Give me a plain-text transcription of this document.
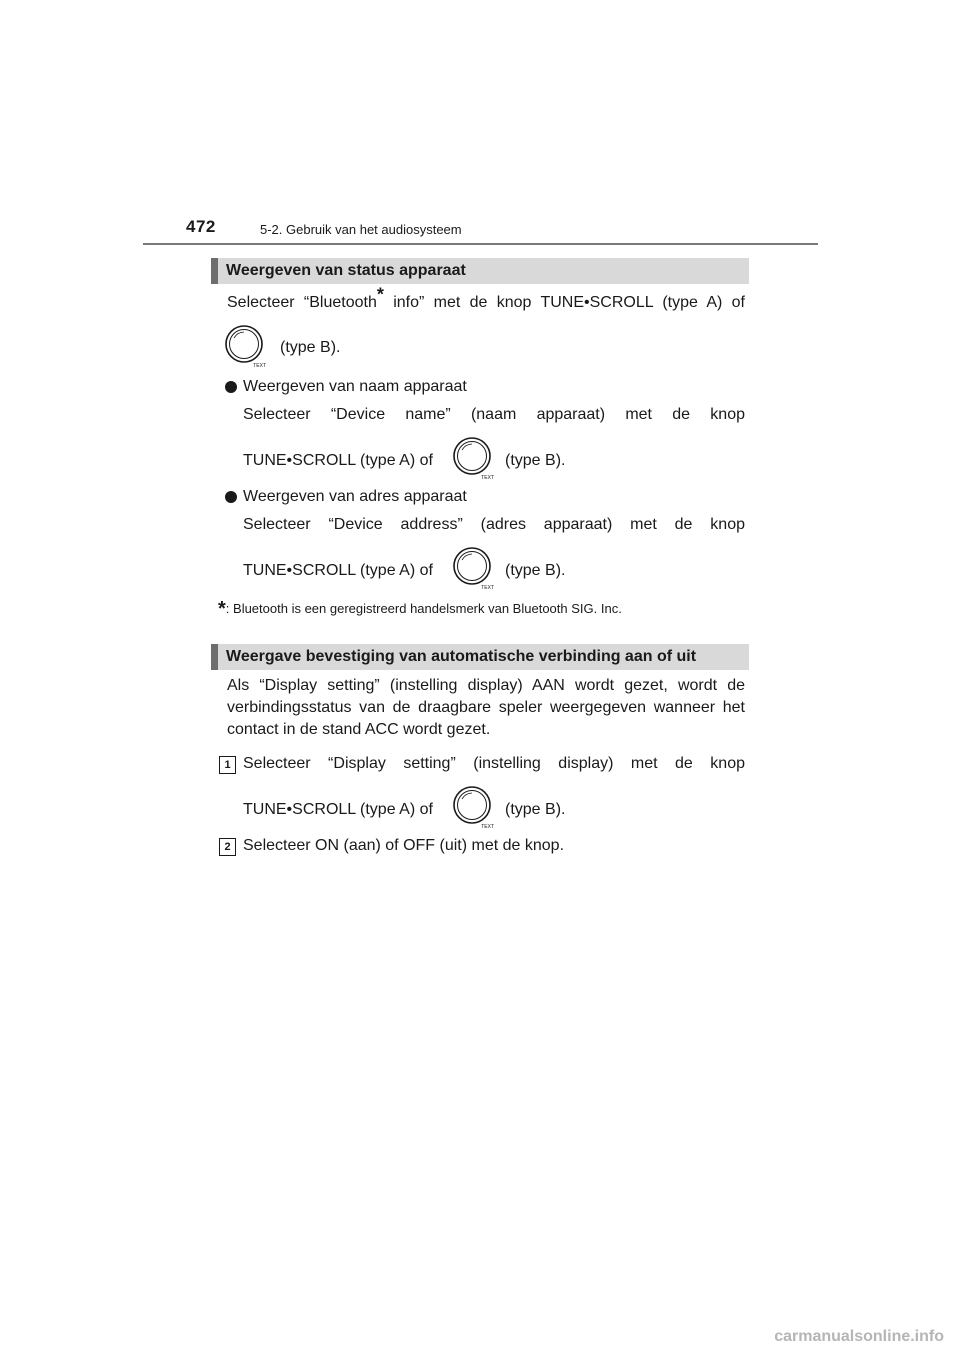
472	5-2. Gebruik van het audiosysteem
Weergeven van status apparaat
Selecteer “Bluetooth* info” met de knop TUNE•SCROLL (type A) of
TEXT
(type B).
Weergeven van naam apparaat
Selecteer “Device name” (naam apparaat) met de knop
TUNE•SCROLL (type A) of
TEXT
(type B).
Weergeven van adres apparaat
Selecteer “Device address” (adres apparaat) met de knop
TUNE•SCROLL (type A) of
TEXT
(type B).
*: Bluetooth is een geregistreerd handelsmerk van Bluetooth SIG. Inc.
Weergave bevestiging van automatische verbinding aan of uit
Als “Display setting” (instelling display) AAN wordt gezet, wordt de
verbindingsstatus van de draagbare speler weergegeven wanneer het
contact in de stand ACC wordt gezet.
1 Selecteer “Display setting” (instelling display) met de knop
TUNE•SCROLL (type A) of
TEXT
(type B).
2 Selecteer ON (aan) of OFF (uit) met de knop.
carmanualsonline.info
